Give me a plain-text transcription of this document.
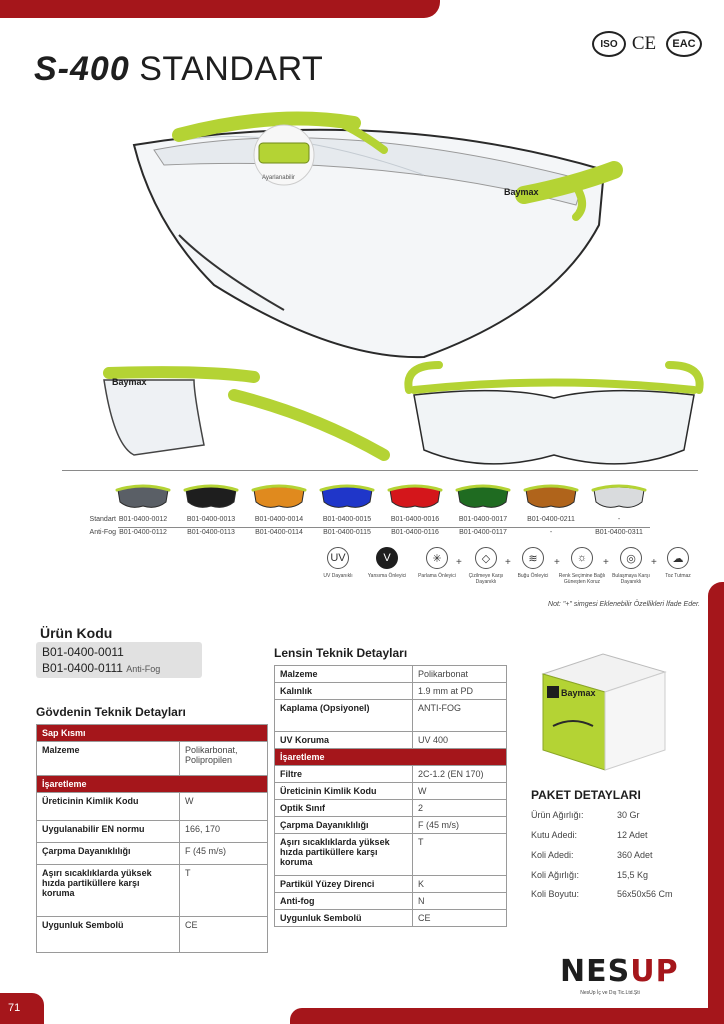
71
ISO CE	EAC
S-400 STANDART
Baymax
Ayarlanabilir
Baymax
Standart
Anti-Fog
B01-0400-0012	B01-0400-0013	B01-0400-0014	B01-0400-0015	B01-0400-0016	B01-0400-0017	B01-0400-0211	-
B01-0400-0112	B01-0400-0113	B01-0400-0114	B01-0400-0115	B01-0400-0116	B01-0400-0117	-	B01-0400-0311
UV
UV Dayanıklı
V
Yansıma Önleyici
✳
Parlama Önleyici
+	◇
Çizilmeye Karşı Dayanıklı
+	≋
Buğu Önleyici
+	☼
Renk Seçimine Bağlı Güneşten Koruz
+	◎
Bulaşmaya Karşı Dayanıklı
+	☁
Toz Tutmaz
Not: "+" simgesi Eklenebilir Özellikleri İfade Eder.
Ürün Kodu
B01-0400-0011
B01-0400-0111 Anti-Fog
Gövdenin Teknik Detayları
Sap Kısmı	
Malzeme	Polikarbonat, Polipropilen
İşaretleme	
Üreticinin Kimlik Kodu	W
Uygulanabilir EN normu	166, 170
Çarpma Dayanıklılığı	F (45 m/s)
Aşırı sıcaklıklarda yüksek hızda partiküllere karşı koruma	T
Uygunluk Sembolü	CE
Lensin Teknik Detayları
Malzeme	Polikarbonat
Kalınlık	1.9 mm at PD
Kaplama (Opsiyonel)	ANTI-FOG
UV Koruma	UV 400
İşaretleme	
Filtre	2C-1.2 (EN 170)
Üreticinin Kimlik Kodu	W
Optik Sınıf	2
Çarpma Dayanıklılığı	F (45 m/s)
Aşırı sıcaklıklarda yüksek hızda partiküllere karşı koruma	T
Partikül Yüzey Direnci	K
Anti-fog	N
Uygunluk Sembolü	CE
Baymax
PAKET DETAYLARI
Ürün Ağırlığı:	30 Gr
Kutu Adedi:	12 Adet
Koli Adedi:	360 Adet
Koli Ağırlığı:	15,5 Kg
Koli Boyutu:	56x50x56 Cm
NESUP
NesUp İç ve Dış Tic.Ltd.Şti
